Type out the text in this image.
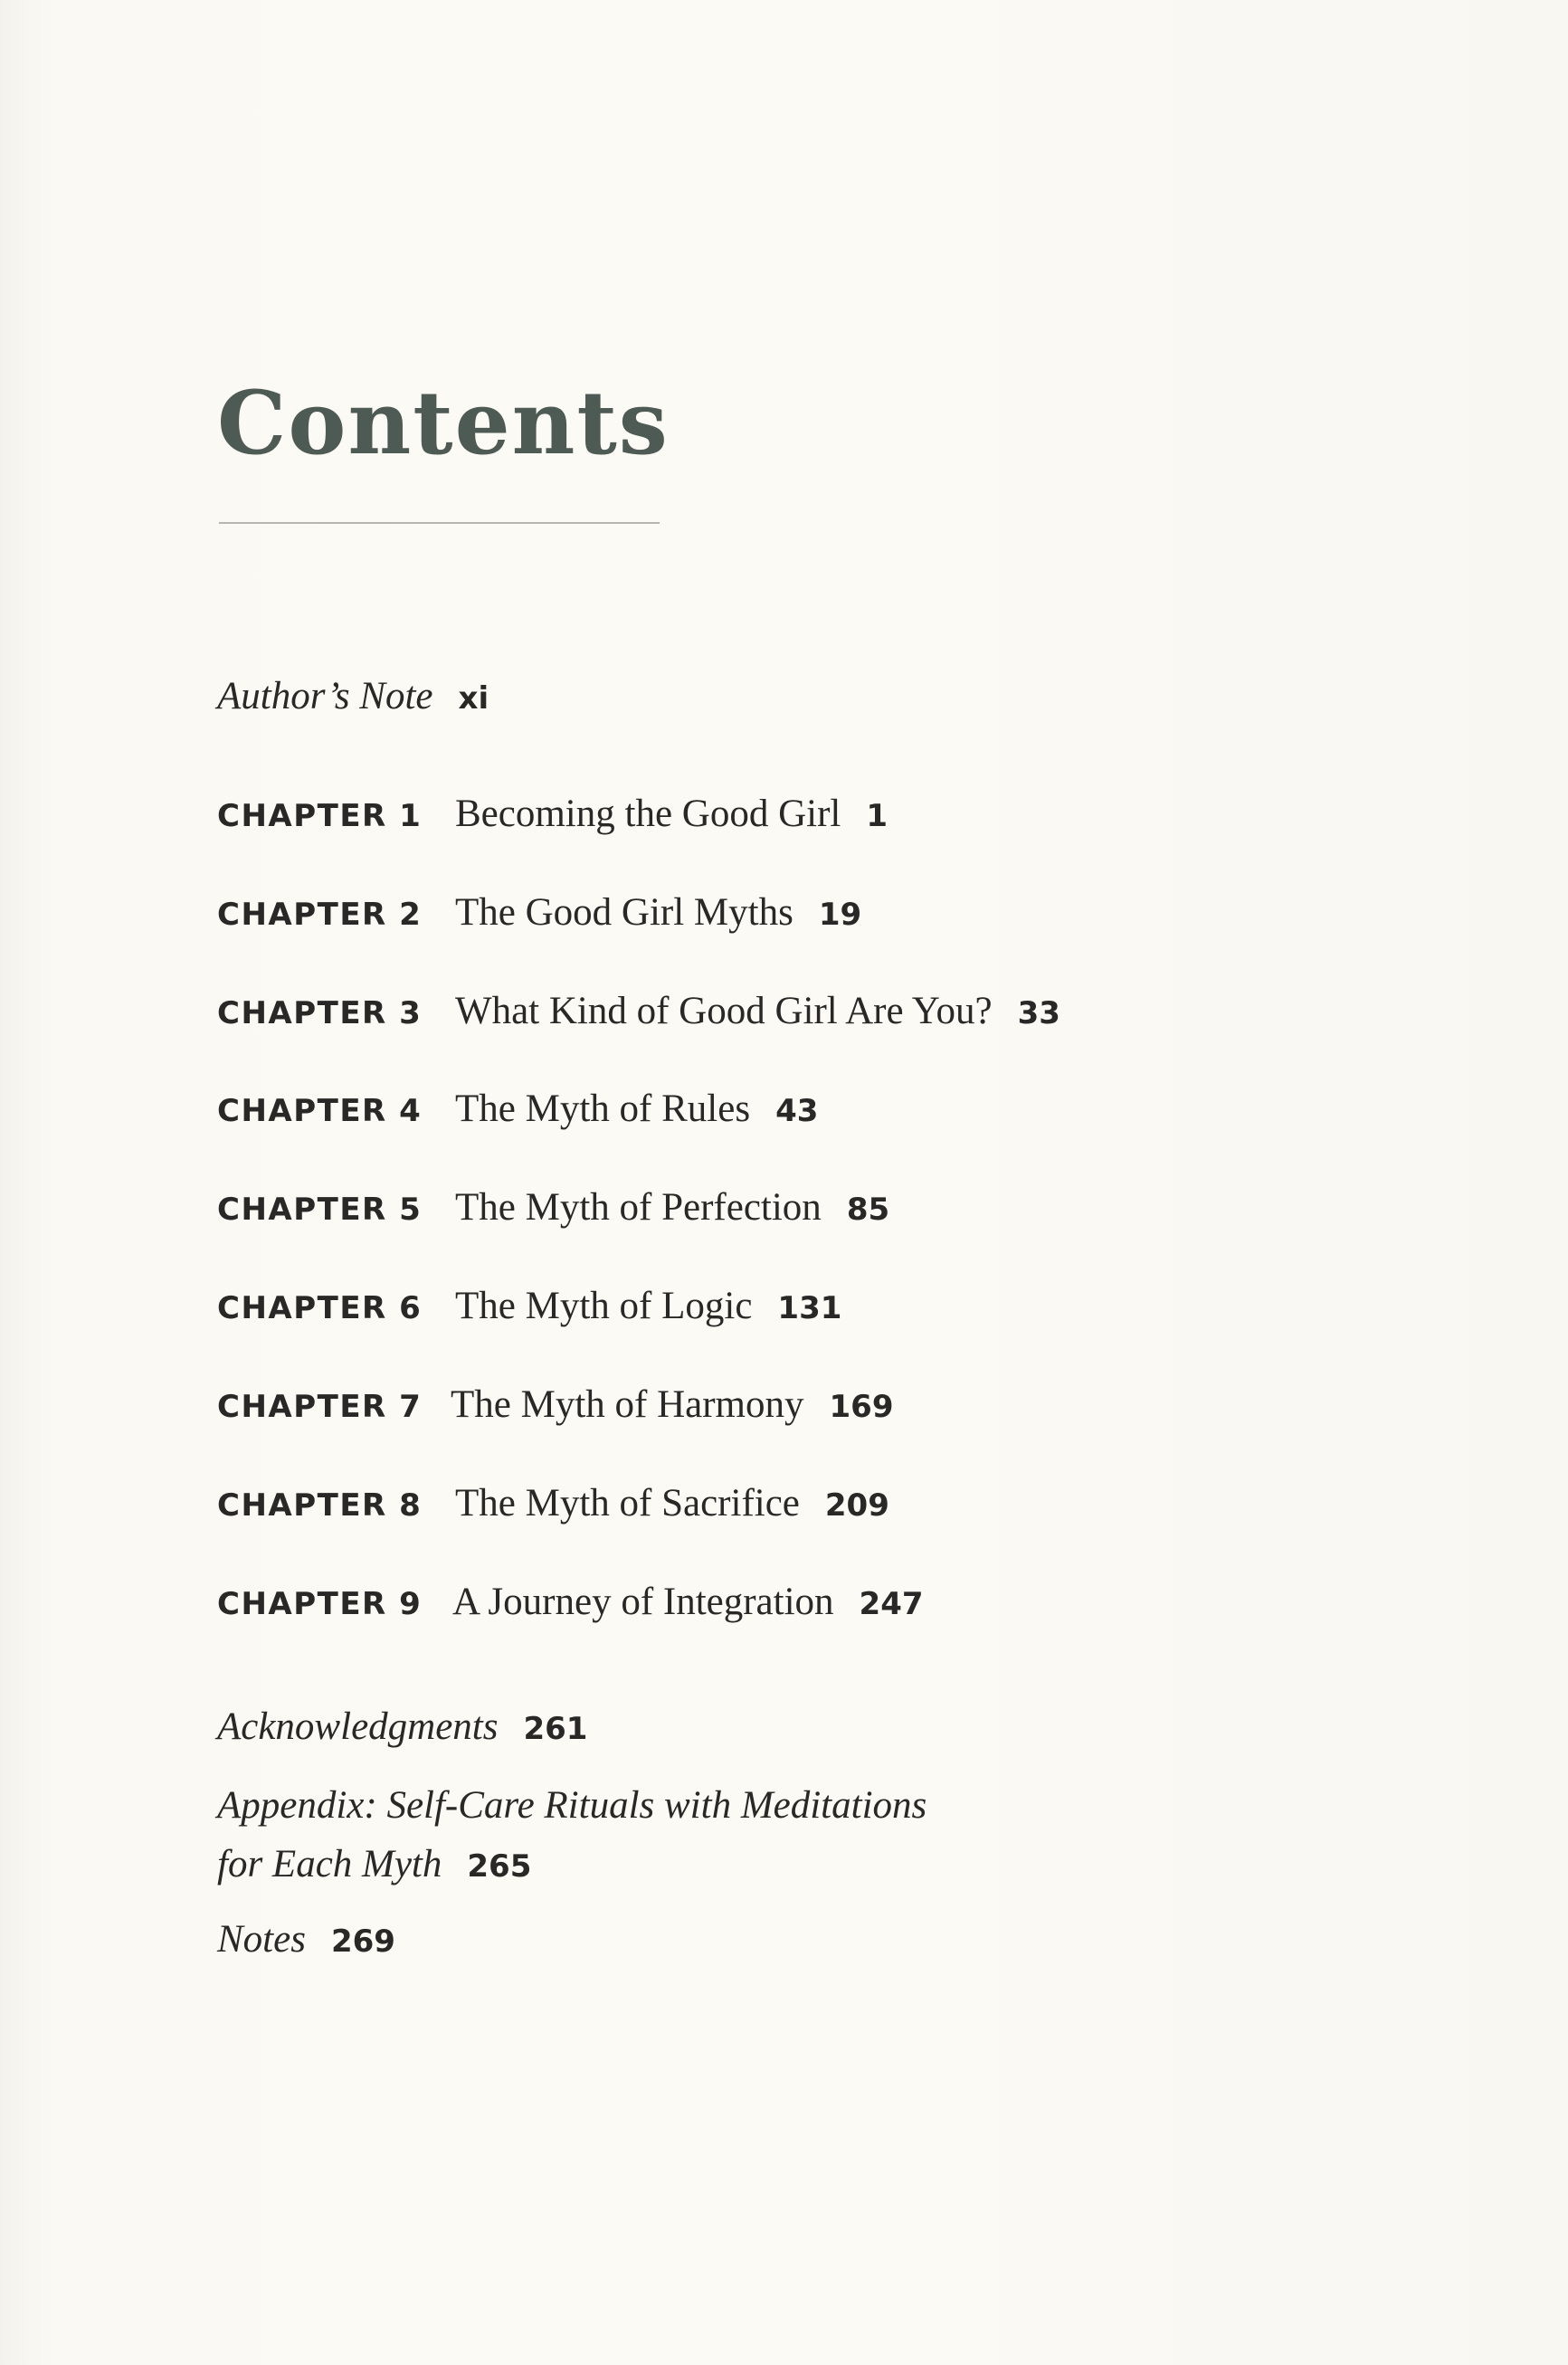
Contents
Author’s Note xi
CHAPTER 1 Becoming the Good Girl 1
CHAPTER 2 The Good Girl Myths 19
CHAPTER 3 What Kind of Good Girl Are You? 33
CHAPTER 4 The Myth of Rules 43
CHAPTER 5 The Myth of Perfection 85
CHAPTER 6 The Myth of Logic 131
CHAPTER 7 The Myth of Harmony 169
CHAPTER 8 The Myth of Sacrifice 209
CHAPTER 9 A Journey of Integration 247
Acknowledgments 261
Appendix: Self-Care Rituals with Meditations
for Each Myth 265
Notes 269
